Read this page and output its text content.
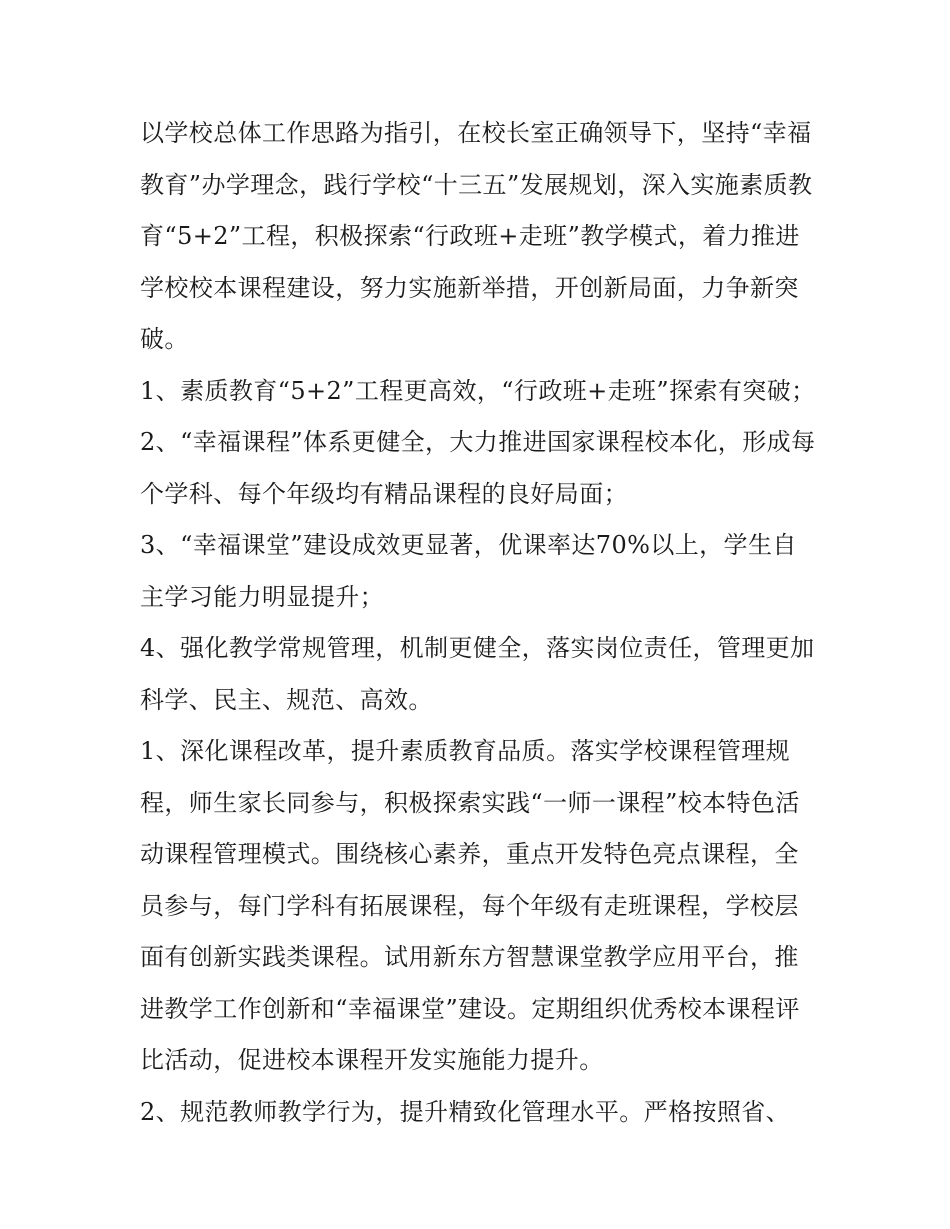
以学校总体工作思路为指引，在校长室正确领导下，坚持“幸福教育”办学理念，践行学校“十三五”发展规划，深入实施素质教育“5+2”工程，积极探索“行政班+走班”教学模式，着力推进学校校本课程建设，努力实施新举措，开创新局面，力争新突破。

1、素质教育“5+2”工程更高效，“行政班+走班”探索有突破；

2、“幸福课程”体系更健全，大力推进国家课程校本化，形成每个学科、每个年级均有精品课程的良好局面；

3、“幸福课堂”建设成效更显著，优课率达70%以上，学生自主学习能力明显提升；

4、强化教学常规管理，机制更健全，落实岗位责任，管理更加科学、民主、规范、高效。

1、深化课程改革，提升素质教育品质。落实学校课程管理规程，师生家长同参与，积极探索实践“一师一课程”校本特色活动课程管理模式。围绕核心素养，重点开发特色亮点课程，全员参与，每门学科有拓展课程，每个年级有走班课程，学校层面有创新实践类课程。试用新东方智慧课堂教学应用平台，推进教学工作创新和“幸福课堂”建设。定期组织优秀校本课程评比活动，促进校本课程开发实施能力提升。

2、规范教师教学行为，提升精致化管理水平。严格按照省、
